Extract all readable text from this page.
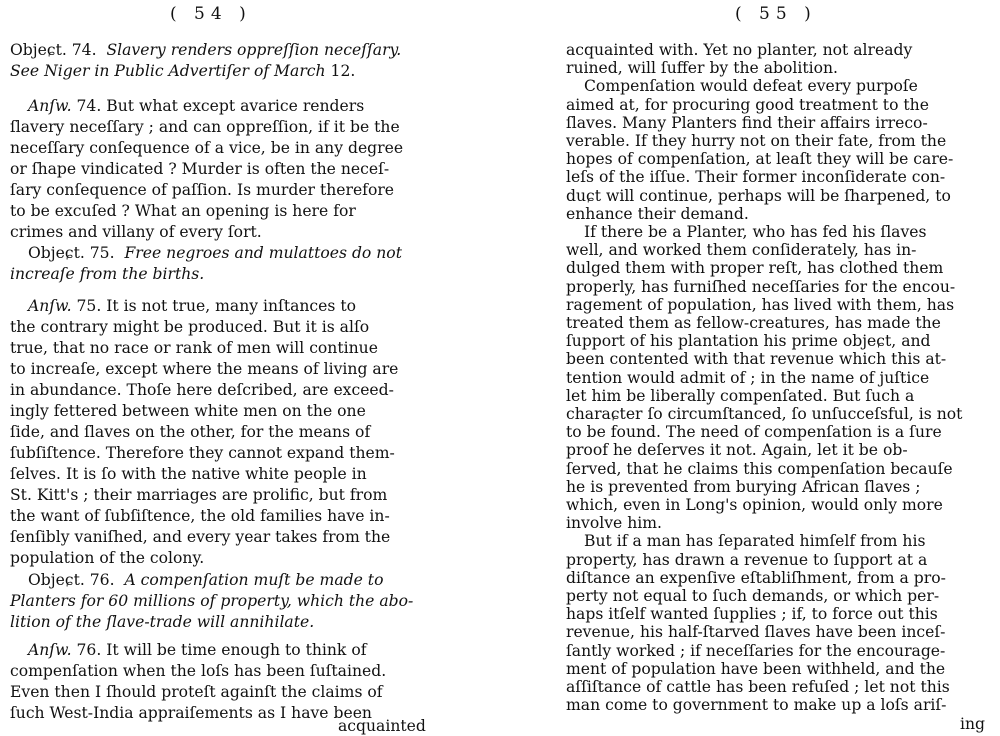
( 54 )
Objeɕt. 74. Slavery renders oppreſſion neceſſary.
See Niger in Public Advertiſer of March 12.
Anſw. 74. But what except avarice renders
ſlavery neceſſary ; and can oppreſſion, if it be the
neceſſary conſequence of a vice, be in any degree
or ſhape vindicated ? Murder is often the neceſ-
ſary conſequence of paſſion. Is murder therefore
to be excuſed ? What an opening is here for
crimes and villany of every ſort.
Objeɕt. 75. Free negroes and mulattoes do not
increaſe from the births.
Anſw. 75. It is not true, many inſtances to
the contrary might be produced. But it is alſo
true, that no race or rank of men will continue
to increaſe, except where the means of living are
in abundance. Thoſe here deſcribed, are exceed-
ingly fettered between white men on the one
ſide, and ſlaves on the other, for the means of
ſubſiſtence. Therefore they cannot expand them-
ſelves. It is ſo with the native white people in
St. Kitt's ; their marriages are prolific, but from
the want of ſubſiſtence, the old families have in-
ſenſibly vaniſhed, and every year takes from the
population of the colony.
Objeɕt. 76. A compenſation muſt be made to
Planters for 60 millions of property, which the abo-
lition of the ſlave-trade will annihilate.
Anſw. 76. It will be time enough to think of
compenſation when the loſs has been ſuſtained.
Even then I ſhould proteſt againſt the claims of
ſuch West-India appraiſements as I have been
acquainted
( 55 )
acquainted with. Yet no planter, not already
ruined, will ſuffer by the abolition.
Compenſation would defeat every purpoſe
aimed at, for procuring good treatment to the
ſlaves. Many Planters find their affairs irreco-
verable. If they hurry not on their fate, from the
hopes of compenſation, at leaſt they will be care-
leſs of the iſſue. Their former inconſiderate con-
duɕt will continue, perhaps will be ſharpened, to
enhance their demand.
If there be a Planter, who has fed his ſlaves
well, and worked them conſiderately, has in-
dulged them with proper reſt, has clothed them
properly, has furniſhed neceſſaries for the encou-
ragement of population, has lived with them, has
treated them as fellow-creatures, has made the
ſupport of his plantation his prime objeɕt, and
been contented with that revenue which this at-
tention would admit of ; in the name of juſtice
let him be liberally compenſated. But ſuch a
charaɕter ſo circumſtanced, ſo unſucceſsful, is not
to be found. The need of compenſation is a ſure
proof he deſerves it not. Again, let it be ob-
ſerved, that he claims this compenſation becauſe
he is prevented from burying African ſlaves ;
which, even in Long's opinion, would only more
involve him.
But if a man has ſeparated himſelf from his
property, has drawn a revenue to ſupport at a
diſtance an expenſive eſtabliſhment, from a pro-
perty not equal to ſuch demands, or which per-
haps itſelf wanted ſupplies ; if, to force out this
revenue, his half-ſtarved ſlaves have been inceſ-
ſantly worked ; if neceſſaries for the encourage-
ment of population have been withheld, and the
aſſiſtance of cattle has been refuſed ; let not this
man come to government to make up a loſs ariſ-
ing
